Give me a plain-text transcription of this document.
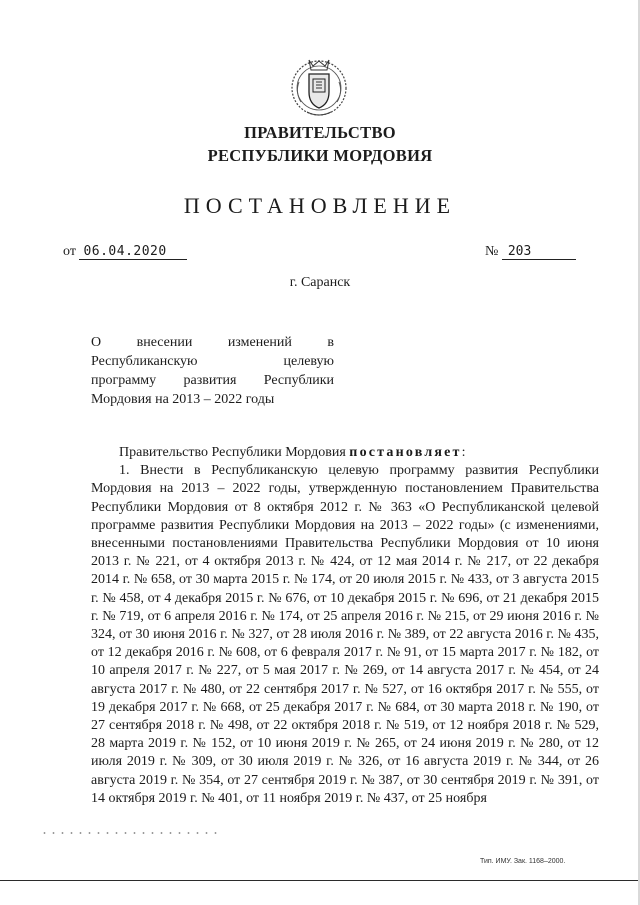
ПРАВИТЕЛЬСТВО
РЕСПУБЛИКИ МОРДОВИЯ
ПОСТАНОВЛЕНИЕ
от 06.04.2020	№ 203
г. Саранск
О внесении изменений в
Республиканскую целевую
программу развития Республики
Мордовия на 2013 – 2022 годы

Правительство Республики Мордовия постановляет:

1. Внести в Республиканскую целевую программу развития Республики Мордовия на 2013 – 2022 годы, утвержденную постановлением Правительства Республики Мордовия от 8 октября 2012 г. № 363 «О Республиканской целевой программе развития Республики Мордовия на 2013 – 2022 годы» (с изменениями, внесенными постановлениями Правительства Республики Мордовия от 10 июня 2013 г. № 221, от 4 октября 2013 г. № 424, от 12 мая 2014 г. № 217, от 22 декабря 2014 г. № 658, от 30 марта 2015 г. № 174, от 20 июля 2015 г. № 433, от 3 августа 2015 г. № 458, от 4 декабря 2015 г. № 676, от 10 декабря 2015 г. № 696, от 21 декабря 2015 г. № 719, от 6 апреля 2016 г. № 174, от 25 апреля 2016 г. № 215, от 29 июня 2016 г. № 324, от 30 июня 2016 г. № 327, от 28 июля 2016 г. № 389, от 22 августа 2016 г. № 435, от 12 декабря 2016 г. № 608, от 6 февраля 2017 г. № 91, от 15 марта 2017 г. № 182, от 10 апреля 2017 г. № 227, от 5 мая 2017 г. № 269, от 14 августа 2017 г. № 454, от 24 августа 2017 г. № 480, от 22 сентября 2017 г. № 527, от 16 октября 2017 г. № 555, от 19 декабря 2017 г. № 668, от 25 декабря 2017 г. № 684, от 30 марта 2018 г. № 190, от 27 сентября 2018 г. № 498, от 22 октября 2018 г. № 519, от 12 ноября 2018 г. № 529, 28 марта 2019 г. № 152, от 10 июня 2019 г. № 265, от 24 июня 2019 г. № 280, от 12 июля 2019 г. № 309, от 30 июля 2019 г. № 326, от 16 августа 2019 г. № 344, от 26 августа 2019 г. № 354, от 27 сентября 2019 г. № 387, от 30 сентября 2019 г. № 391, от 14 октября 2019 г. № 401, от 11 ноября 2019 г. № 437, от 25 ноября

Тип. ИМУ. Зак. 1168–2000.
